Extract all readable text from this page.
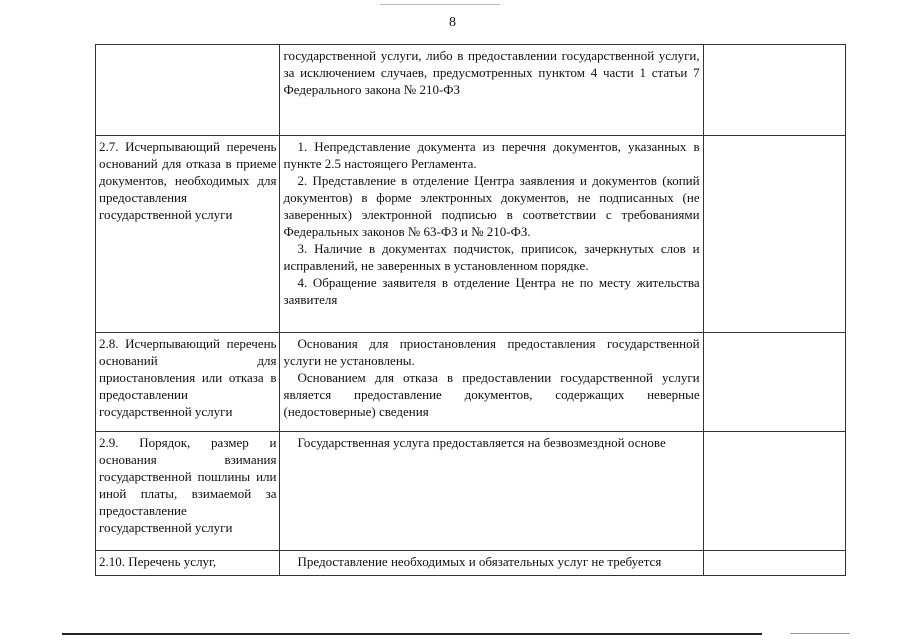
8

	государственной услуги, либо в предоставлении государственной услуги, за исключением случаев, предусмотренных пунктом 4 части 1 статьи 7 Федерального закона № 210-ФЗ	

2.7. Исчерпывающий перечень оснований для отказа в приеме документов, необходимых для предоставления государственной услуги	1. Непредставление документа из перечня документов, указанных в пункте 2.5 настоящего Регламента.

2. Представление в отделение Центра заявления и документов (копий документов) в форме электронных документов, не подписанных (не заверенных) электронной подписью в соответствии с требованиями Федеральных законов № 63-ФЗ и № 210-ФЗ.

3. Наличие в документах подчисток, приписок, зачеркнутых слов и исправлений, не заверенных в установленном порядке.

4. Обращение заявителя в отделение Центра не по месту жительства заявителя	

2.8. Исчерпывающий перечень оснований для приостановления или отказа в предоставлении государственной услуги	Основания для приостановления предоставления государственной услуги не установлены.

Основанием для отказа в предоставлении государственной услуги является предоставление документов, содержащих неверные (недостоверные) сведения	

2.9. Порядок, размер и основания взимания государственной пошлины или иной платы, взимаемой за предоставление государственной услуги	Государственная услуга предоставляется на безвозмездной основе	

2.10. Перечень услуг,	Предоставление необходимых и обязательных услуг не требуется	
